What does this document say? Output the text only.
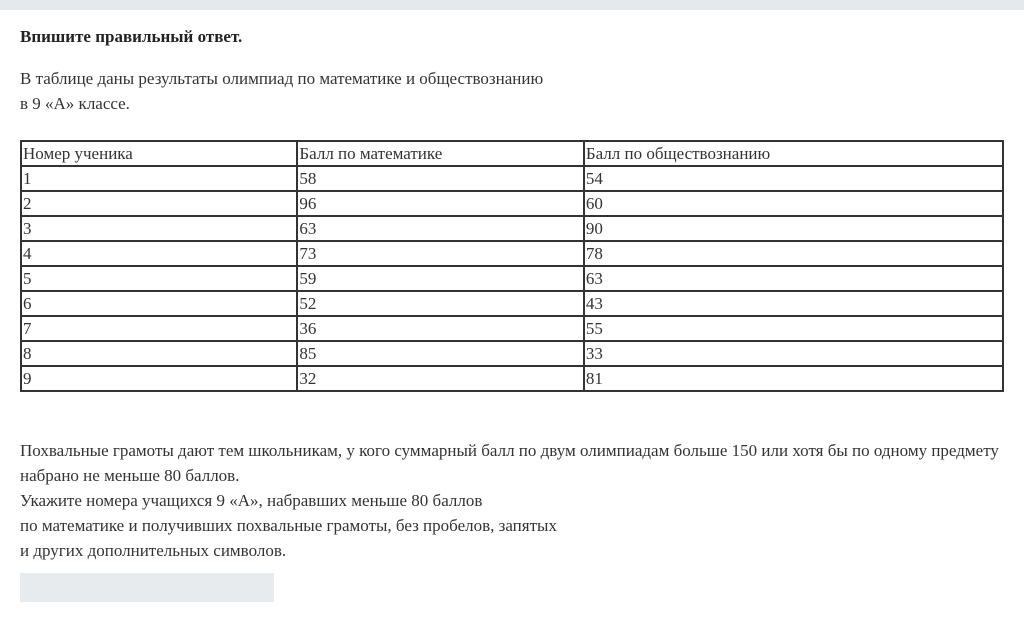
Впишите правильный ответ.
В таблице даны результаты олимпиад по математике и обществознанию
в 9 «А» классе.
Номер ученика	Балл по математике	Балл по обществознанию
1	58	54
2	96	60
3	63	90
4	73	78
5	59	63
6	52	43
7	36	55
8	85	33
9	32	81
Похвальные грамоты дают тем школьникам, у кого суммарный балл по двум олимпиадам больше 150 или хотя бы по одному предмету набрано не меньше 80 баллов.
Укажите номера учащихся 9 «А», набравших меньше 80 баллов
по математике и получивших похвальные грамоты, без пробелов, запятых
и других дополнительных символов.
